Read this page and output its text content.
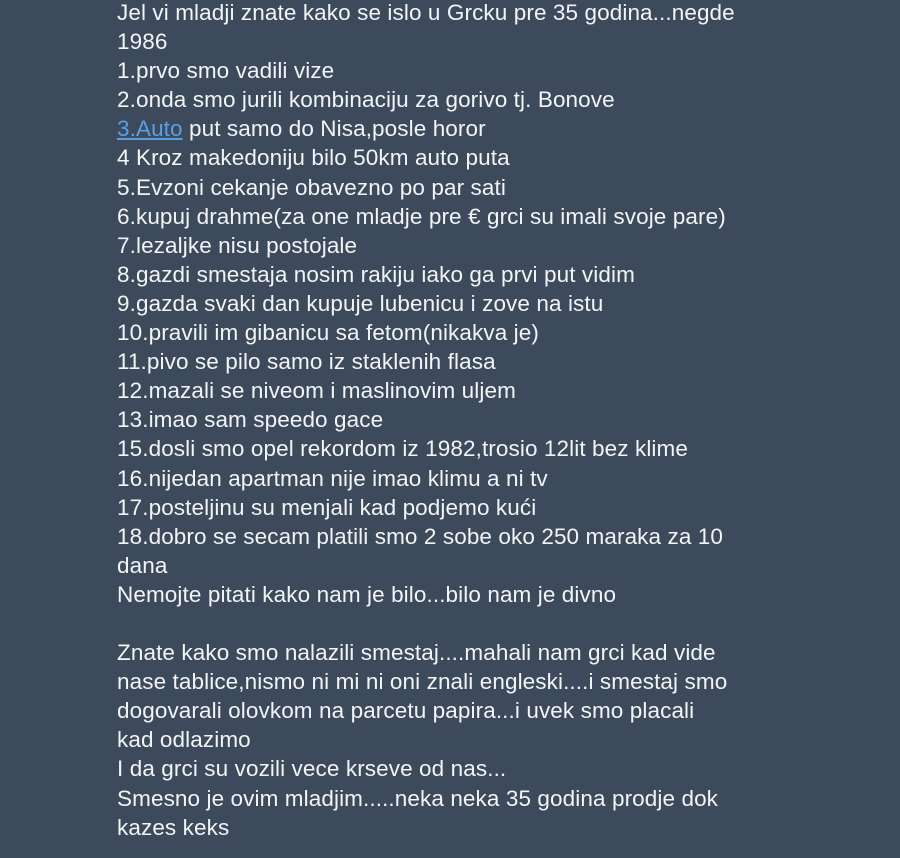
Jel vi mladji znate kako se islo u Grcku pre 35 godina...negde
1986
1.prvo smo vadili vize
2.onda smo jurili kombinaciju za gorivo tj. Bonove
3.Auto put samo do Nisa,posle horor
4 Kroz makedoniju bilo 50km auto puta
5.Evzoni cekanje obavezno po par sati
6.kupuj drahme(za one mladje pre € grci su imali svoje pare)
7.lezaljke nisu postojale
8.gazdi smestaja nosim rakiju iako ga prvi put vidim
9.gazda svaki dan kupuje lubenicu i zove na istu
10.pravili im gibanicu sa fetom(nikakva je)
11.pivo se pilo samo iz staklenih flasa
12.mazali se niveom i maslinovim uljem
13.imao sam speedo gace
15.dosli smo opel rekordom iz 1982,trosio 12lit bez klime
16.nijedan apartman nije imao klimu a ni tv
17.posteljinu su menjali kad podjemo kući
18.dobro se secam platili smo 2 sobe oko 250 maraka za 10
dana
Nemojte pitati kako nam je bilo...bilo nam je divno
Znate kako smo nalazili smestaj....mahali nam grci kad vide
nase tablice,nismo ni mi ni oni znali engleski....i smestaj smo
dogovarali olovkom na parcetu papira...i uvek smo placali
kad odlazimo
I da grci su vozili vece krseve od nas...
Smesno je ovim mladjim.....neka neka 35 godina prodje dok
kazes keks
